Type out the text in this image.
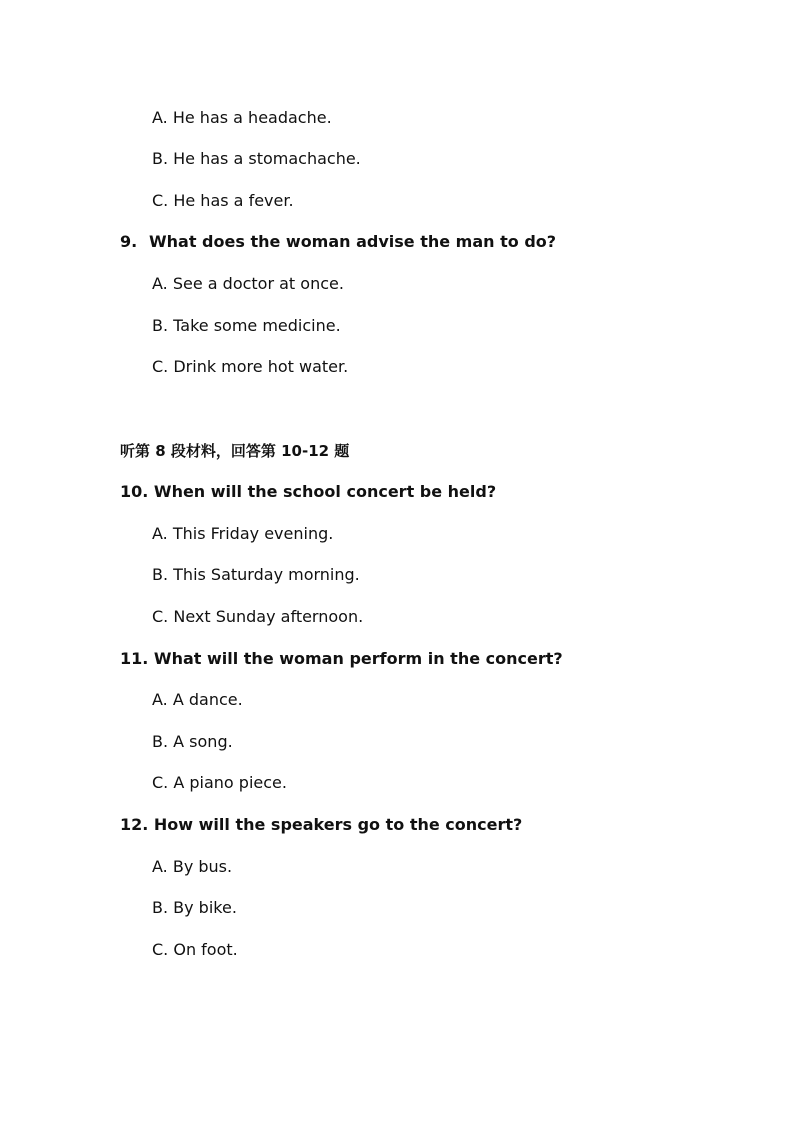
A. He has a headache.
B. He has a stomachache.
C. He has a fever.
9. What does the woman advise the man to do?
A. See a doctor at once.
B. Take some medicine.
C. Drink more hot water.
听第 8 段材料，回答第 10-12 题
10. When will the school concert be held?
A. This Friday evening.
B. This Saturday morning.
C. Next Sunday afternoon.
11. What will the woman perform in the concert?
A. A dance.
B. A song.
C. A piano piece.
12. How will the speakers go to the concert?
A. By bus.
B. By bike.
C. On foot.
